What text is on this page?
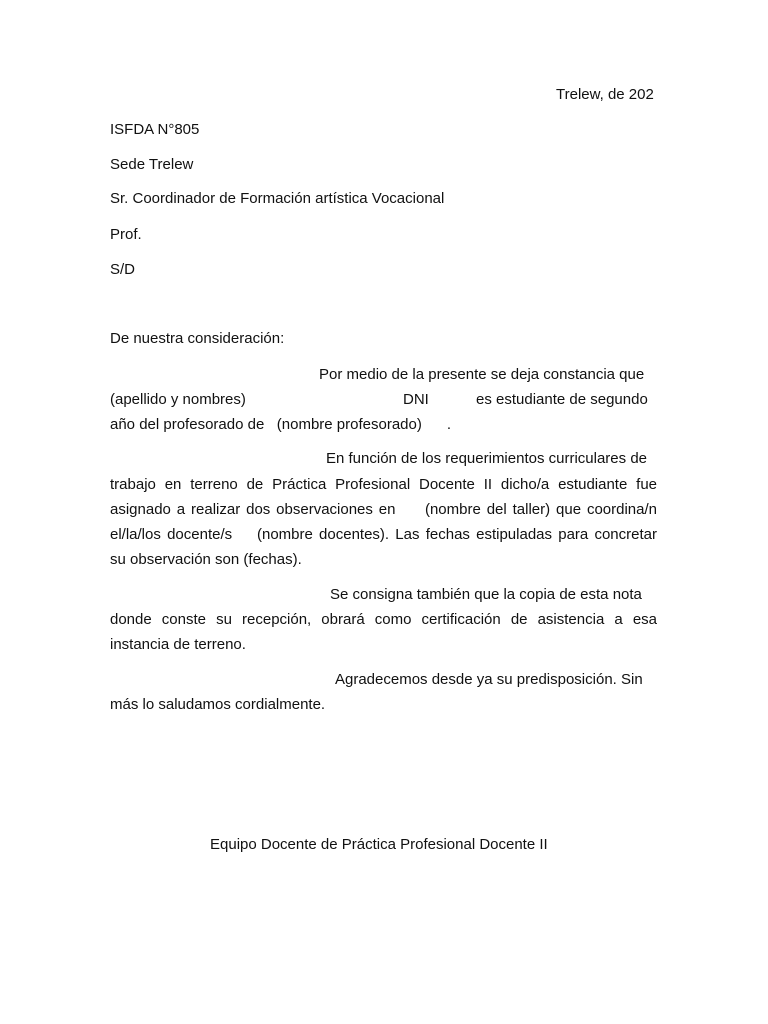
Trelew, de 202
ISFDA N°805
Sede Trelew
Sr. Coordinador de Formación artística Vocacional
Prof.
S/D
De nuestra consideración:
Por medio de la presente se deja constancia que
(apellido y nombres)	DNI	es estudiante de segundo
año del profesorado de   (nombre profesorado)      .
En función de los requerimientos curriculares de
trabajo en terreno de Práctica Profesional Docente II dicho/a estudiante fue
asignado a realizar dos observaciones en     (nombre del taller) que coordina/n
el/la/los docente/s    (nombre docentes). Las fechas estipuladas para concretar
su observación son (fechas).
Se consigna también que la copia de esta nota
donde conste su recepción, obrará como certificación de asistencia a esa
instancia de terreno.
Agradecemos desde ya su predisposición. Sin
más lo saludamos cordialmente.
Equipo Docente de Práctica Profesional Docente II
